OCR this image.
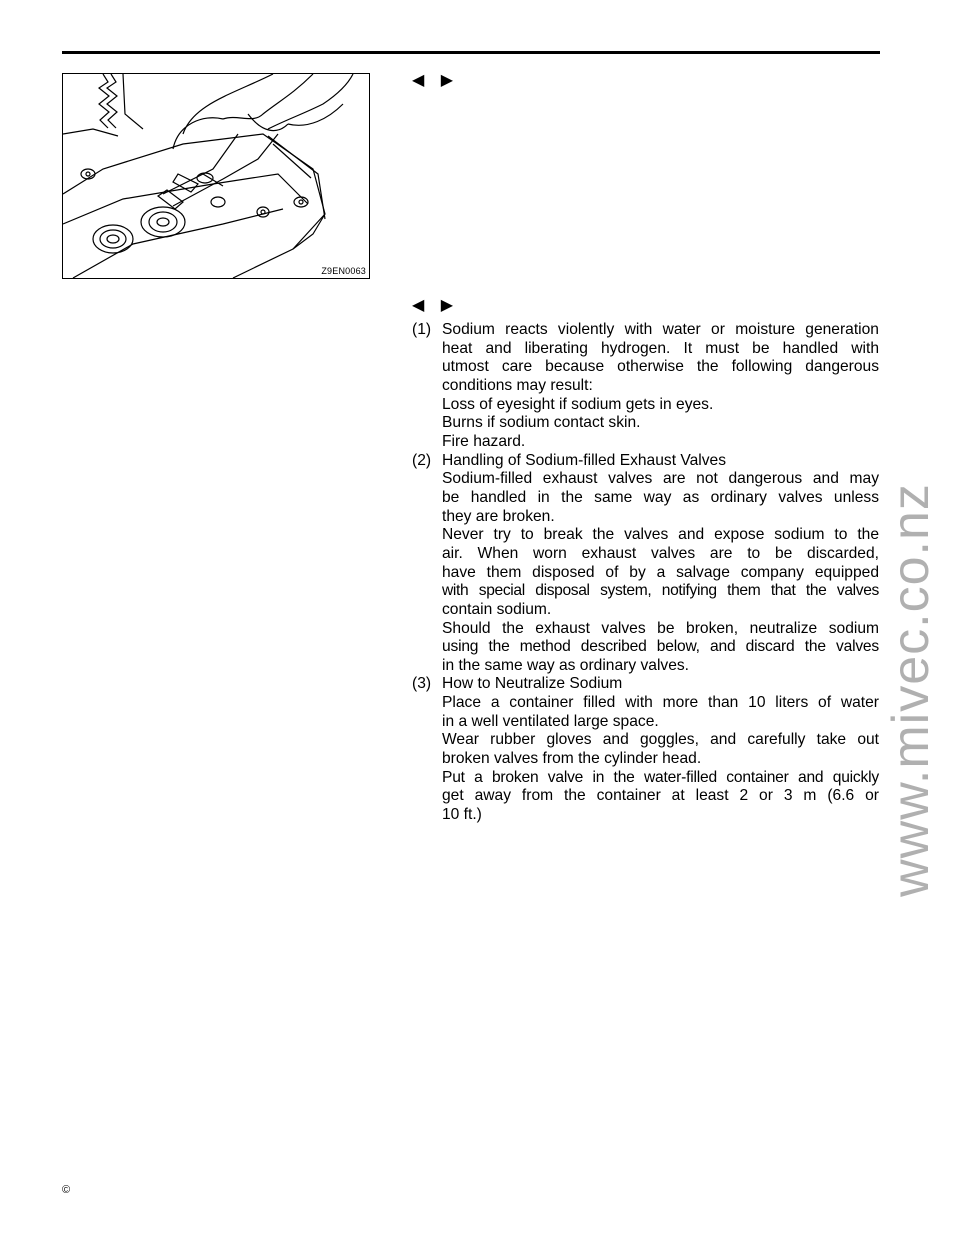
Z9EN0063
◀ ▶
◀ ▶
(1) Sodium reacts violently with water or moisture generation
heat and liberating hydrogen. It must be handled with
utmost care because otherwise the following dangerous
conditions may result:
Loss of eyesight if sodium gets in eyes.
Burns if sodium contact skin.
Fire hazard.
(2) Handling of Sodium-filled Exhaust Valves
Sodium-filled exhaust valves are not dangerous and may
be handled in the same way as ordinary valves unless
they are broken.
Never try to break the valves and expose sodium to the
air. When worn exhaust valves are to be discarded,
have them disposed of by a salvage company equipped
with special disposal system, notifying them that the valves
contain sodium.
Should the exhaust valves be broken, neutralize sodium
using the method described below, and discard the valves
in the same way as ordinary valves.
(3) How to Neutralize Sodium
Place a container filled with more than 10 liters of water
in a well ventilated large space.
Wear rubber gloves and goggles, and carefully take out
broken valves from the cylinder head.
Put a broken valve in the water-filled container and quickly
get away from the container at least 2 or 3 m (6.6 or
10 ft.)	www.mivec.co.nz
©
